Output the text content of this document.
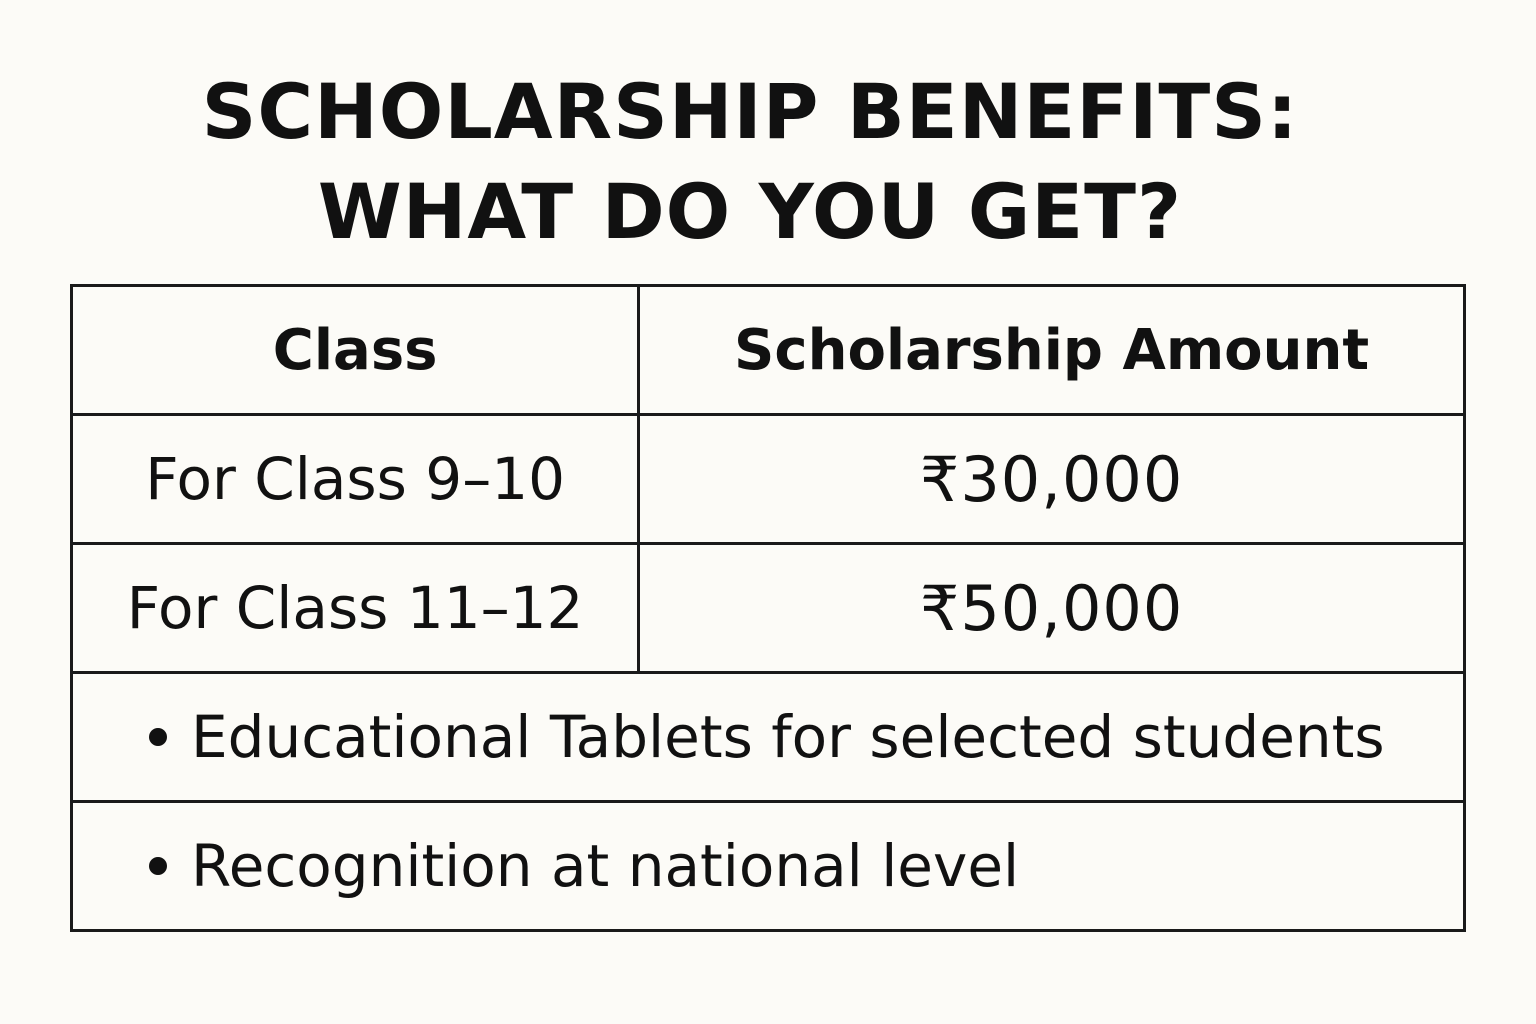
SCHOLARSHIP BENEFITS:
WHAT DO YOU GET?
Class	Scholarship Amount
For Class 9–10	₹30,000
For Class 11–12	₹50,000
Educational Tablets for selected students	
Recognition at national level	
